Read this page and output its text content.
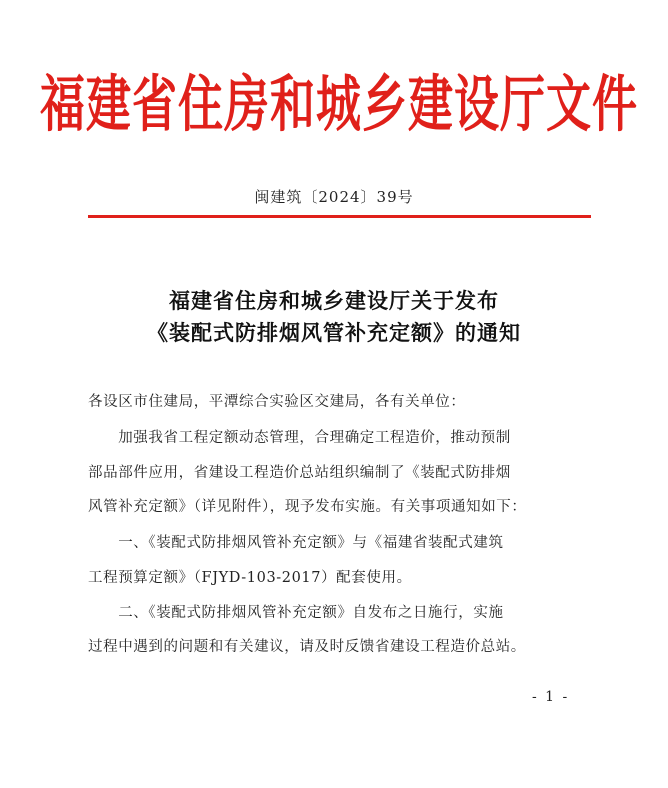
福建省住房和城乡建设厅文件
闽建筑〔2024〕39号
福建省住房和城乡建设厅关于发布
《装配式防排烟风管补充定额》的通知
各设区市住建局，平潭综合实验区交建局，各有关单位：
　　加强我省工程定额动态管理，合理确定工程造价，推动预制
部品部件应用，省建设工程造价总站组织编制了《装配式防排烟
风管补充定额》（详见附件），现予发布实施。有关事项通知如下：
　　一、《装配式防排烟风管补充定额》与《福建省装配式建筑
工程预算定额》（FJYD-103-2017）配套使用。
　　二、《装配式防排烟风管补充定额》自发布之日施行，实施
过程中遇到的问题和有关建议，请及时反馈省建设工程造价总站。
- 1 -
